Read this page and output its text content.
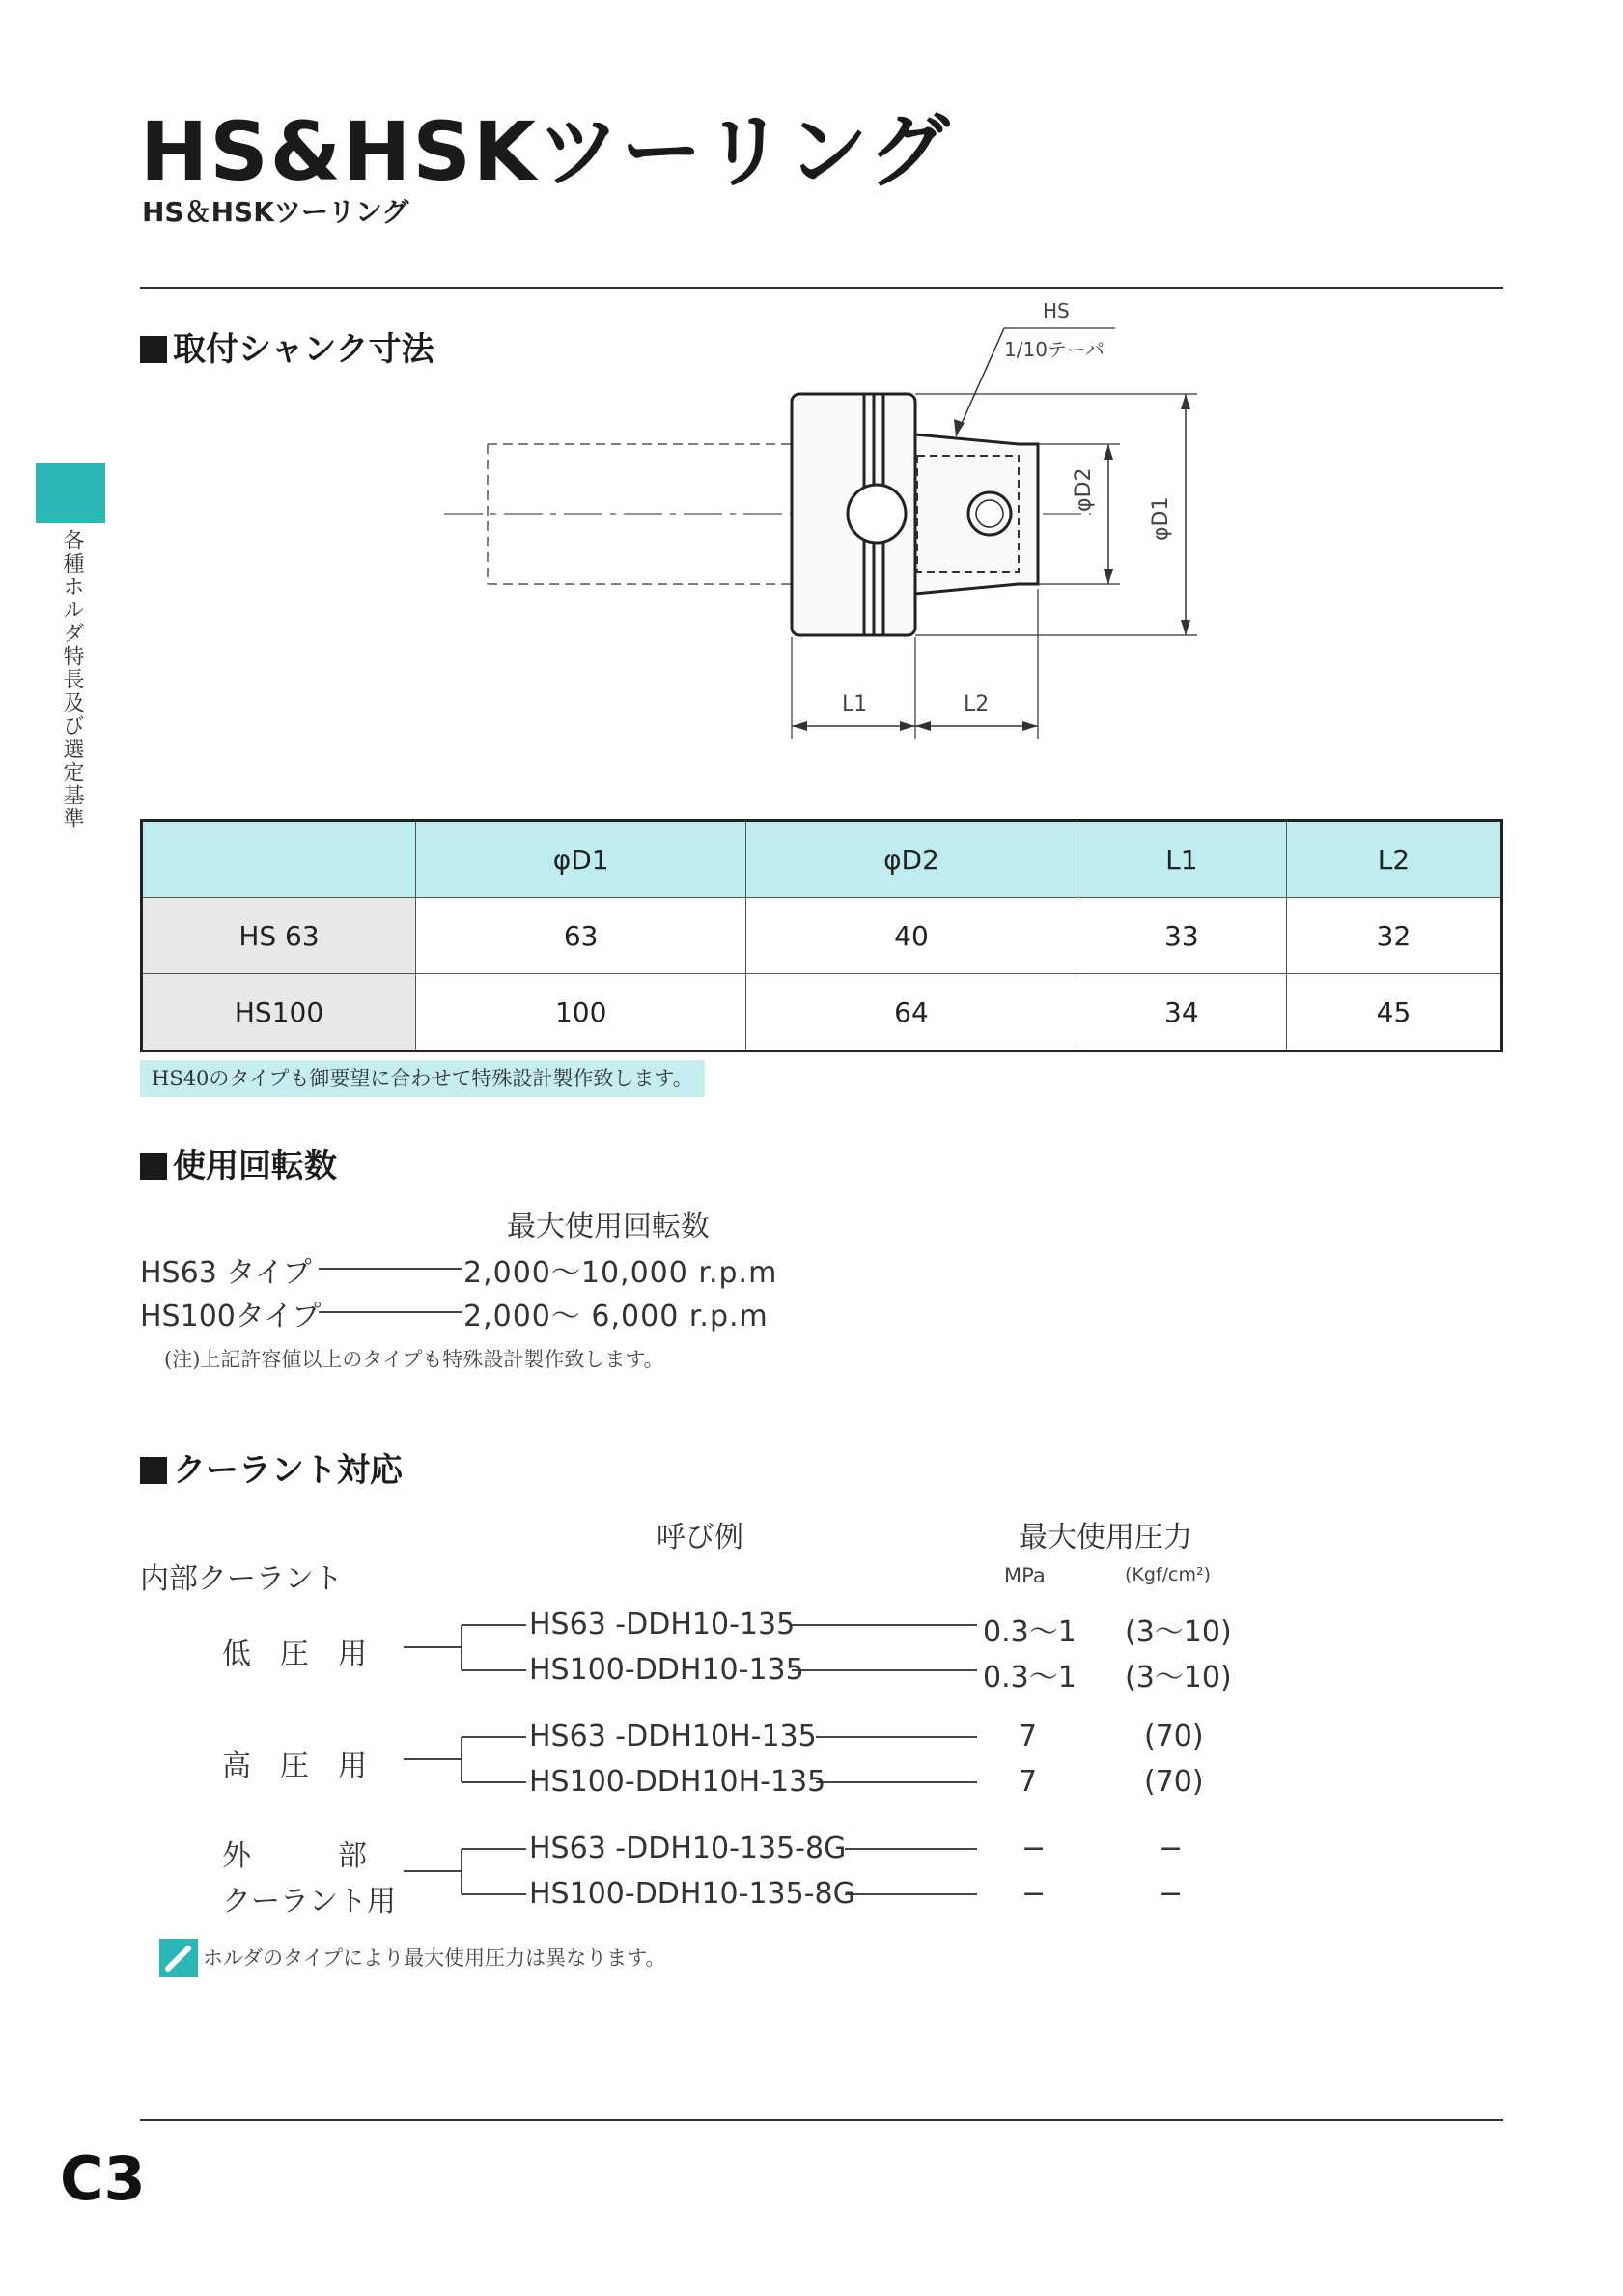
HS&HSKツーリング
HS＆HSKツーリング
各種ホルダ特長及び選定基準
取付シャンク寸法
HS
1/10テーパ
φD2
φD1
L1	L2
	φD1	φD2	L1	L2
HS 63	63	40	33	32
HS100	100	64	34	45
HS40のタイプも御要望に合わせて特殊設計製作致します。
使用回転数
最大使用回転数
HS63 タイプ	2,000〜10,000 r.p.m
HS100タイプ	2,000〜 6,000 r.p.m
(注)上記許容値以上のタイプも特殊設計製作致します。
クーラント対応
呼び例	最大使用圧力
内部クーラント	MPa	(Kgf/cm²)
低　圧　用
HS63 -DDH10-135	0.3〜1 (3〜10)
HS100-DDH10-135	0.3〜1 (3〜10)
高　圧　用
HS63 -DDH10H-135	7	(70)
HS100-DDH10H-135	7	(70)
外　　　部
クーラント用
HS63 -DDH10-135-8G	−	−
HS100-DDH10-135-8G	−	−
ホルダのタイプにより最大使用圧力は異なります。
C3
